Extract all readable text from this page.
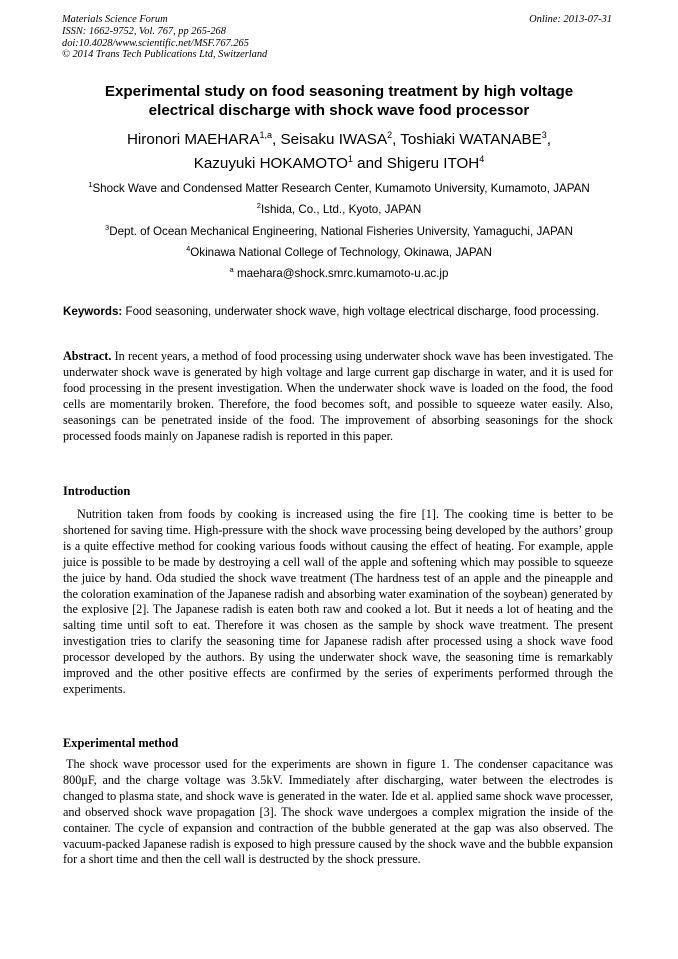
Materials Science Forum
ISSN: 1662-9752, Vol. 767, pp 265-268
doi:10.4028/www.scientific.net/MSF.767.265
© 2014 Trans Tech Publications Ltd, Switzerland
Online: 2013-07-31
Experimental study on food seasoning treatment by high voltage
electrical discharge with shock wave food processor
Hironori MAEHARA$^{1,a}$, Seisaku IWASA$^2$, Toshiaki WATANABE$^3$,
Kazuyuki HOKAMOTO$^1$ and Shigeru ITOH$^4$
$^1$Shock Wave and Condensed Matter Research Center, Kumamoto University, Kumamoto, JAPAN
$^2$Ishida, Co., Ltd., Kyoto, JAPAN
$^3$Dept. of Ocean Mechanical Engineering, National Fisheries University, Yamaguchi, JAPAN
$^4$Okinawa National College of Technology, Okinawa, JAPAN
$^a$ maehara@shock.smrc.kumamoto-u.ac.jp
Keywords: Food seasoning, underwater shock wave, high voltage electrical discharge, food processing.
Abstract. In recent years, a method of food processing using underwater shock wave has been investigated. The underwater shock wave is generated by high voltage and large current gap discharge in water, and it is used for food processing in the present investigation. When the underwater shock wave is loaded on the food, the food cells are momentarily broken. Therefore, the food becomes soft, and possible to squeeze water easily. Also, seasonings can be penetrated inside of the food. The improvement of absorbing seasonings for the shock processed foods mainly on Japanese radish is reported in this paper.
Introduction
Nutrition taken from foods by cooking is increased using the fire [1]. The cooking time is better to be shortened for saving time. High-pressure with the shock wave processing being developed by the authors’ group is a quite effective method for cooking various foods without causing the effect of heating. For example, apple juice is possible to be made by destroying a cell wall of the apple and softening which may possible to squeeze the juice by hand. Oda studied the shock wave treatment (The hardness test of an apple and the pineapple and the coloration examination of the Japanese radish and absorbing water examination of the soybean) generated by the explosive [2]. The Japanese radish is eaten both raw and cooked a lot. But it needs a lot of heating and the salting time until soft to eat. Therefore it was chosen as the sample by shock wave treatment. The present investigation tries to clarify the seasoning time for Japanese radish after processed using a shock wave food processor developed by the authors. By using the underwater shock wave, the seasoning time is remarkably improved and the other positive effects are confirmed by the series of experiments performed through the experiments.
Experimental method
The shock wave processor used for the experiments are shown in figure 1. The condenser capacitance was 800μF, and the charge voltage was 3.5kV. Immediately after discharging, water between the electrodes is changed to plasma state, and shock wave is generated in the water. Ide et al. applied same shock wave processer, and observed shock wave propagation [3]. The shock wave undergoes a complex migration the inside of the container. The cycle of expansion and contraction of the bubble generated at the gap was also observed. The vacuum-packed Japanese radish is exposed to high pressure caused by the shock wave and the bubble expansion for a short time and then the cell wall is destructed by the shock pressure.
